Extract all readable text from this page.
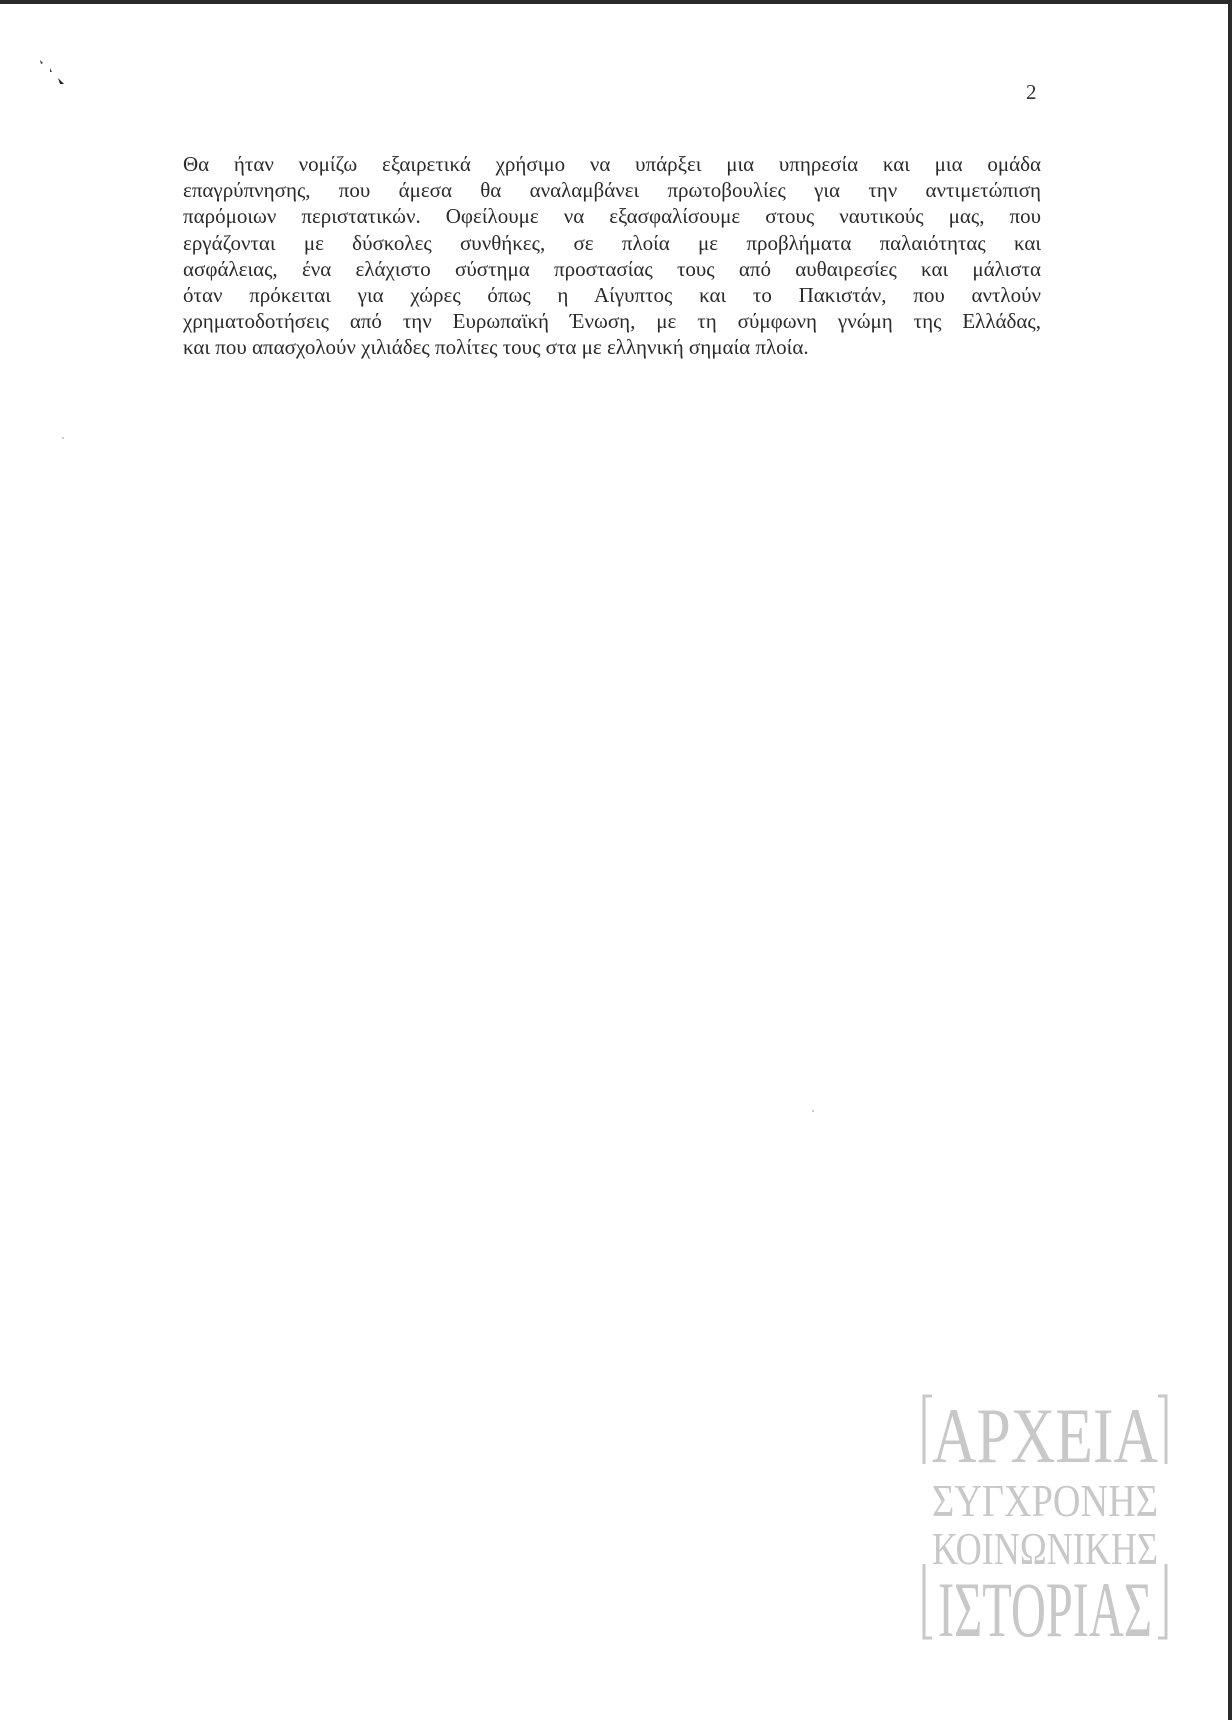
2
Θα ήταν νομίζω εξαιρετικά χρήσιμο να υπάρξει μια υπηρεσία και μια ομάδα
επαγρύπνησης, που άμεσα θα αναλαμβάνει πρωτοβουλίες για την αντιμετώπιση
παρόμοιων περιστατικών. Οφείλουμε να εξασφαλίσουμε στους ναυτικούς μας, που
εργάζονται με δύσκολες συνθήκες, σε πλοία με προβλήματα παλαιότητας και
ασφάλειας, ένα ελάχιστο σύστημα προστασίας τους από αυθαιρεσίες και μάλιστα
όταν πρόκειται για χώρες όπως η Αίγυπτος και το Πακιστάν, που αντλούν
χρηματοδοτήσεις από την Ευρωπαϊκή Ένωση, με τη σύμφωνη γνώμη της Ελλάδας,
και που απασχολούν χιλιάδες πολίτες τους στα με ελληνική σημαία πλοία.
ΑΡΧΕΙΑ
ΣΥΓΧΡΟΝΗΣ
ΚΟΙΝΩΝΙΚΗΣ
ΙΣΤΟΡΙΑΣ
